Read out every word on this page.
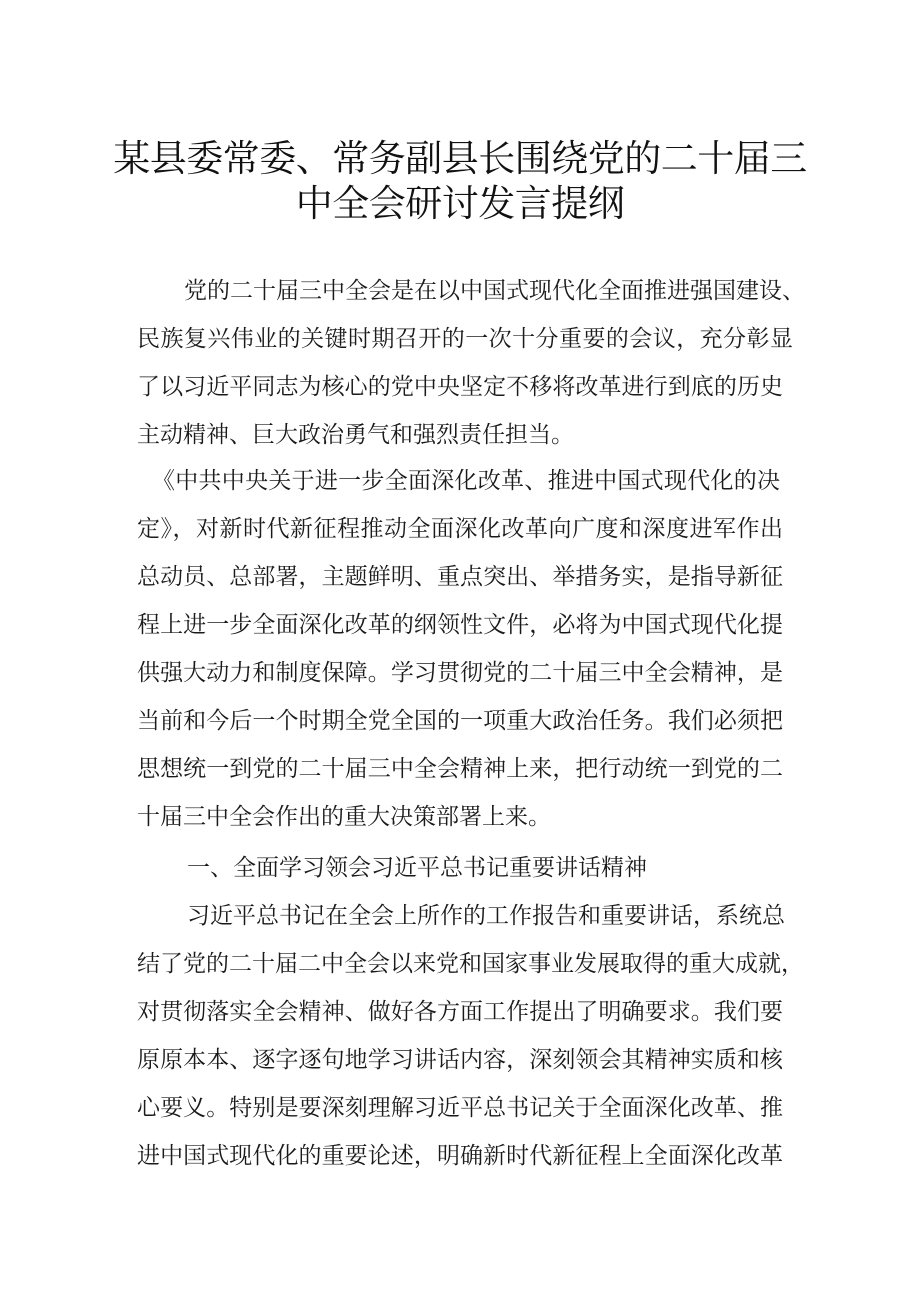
某县委常委、常务副县长围绕党的二十届三
中全会研讨发言提纲
党的二十届三中全会是在以中国式现代化全面推进强国建设、
民族复兴伟业的关键时期召开的一次十分重要的会议，充分彰显
了以习近平同志为核心的党中央坚定不移将改革进行到底的历史
主动精神、巨大政治勇气和强烈责任担当。
《中共中央关于进一步全面深化改革、推进中国式现代化的决
定》，对新时代新征程推动全面深化改革向广度和深度进军作出
总动员、总部署，主题鲜明、重点突出、举措务实，是指导新征
程上进一步全面深化改革的纲领性文件，必将为中国式现代化提
供强大动力和制度保障。学习贯彻党的二十届三中全会精神，是
当前和今后一个时期全党全国的一项重大政治任务。我们必须把
思想统一到党的二十届三中全会精神上来，把行动统一到党的二
十届三中全会作出的重大决策部署上来。
一、全面学习领会习近平总书记重要讲话精神
习近平总书记在全会上所作的工作报告和重要讲话，系统总
结了党的二十届二中全会以来党和国家事业发展取得的重大成就，
对贯彻落实全会精神、做好各方面工作提出了明确要求。我们要
原原本本、逐字逐句地学习讲话内容，深刻领会其精神实质和核
心要义。特别是要深刻理解习近平总书记关于全面深化改革、推
进中国式现代化的重要论述，明确新时代新征程上全面深化改革
